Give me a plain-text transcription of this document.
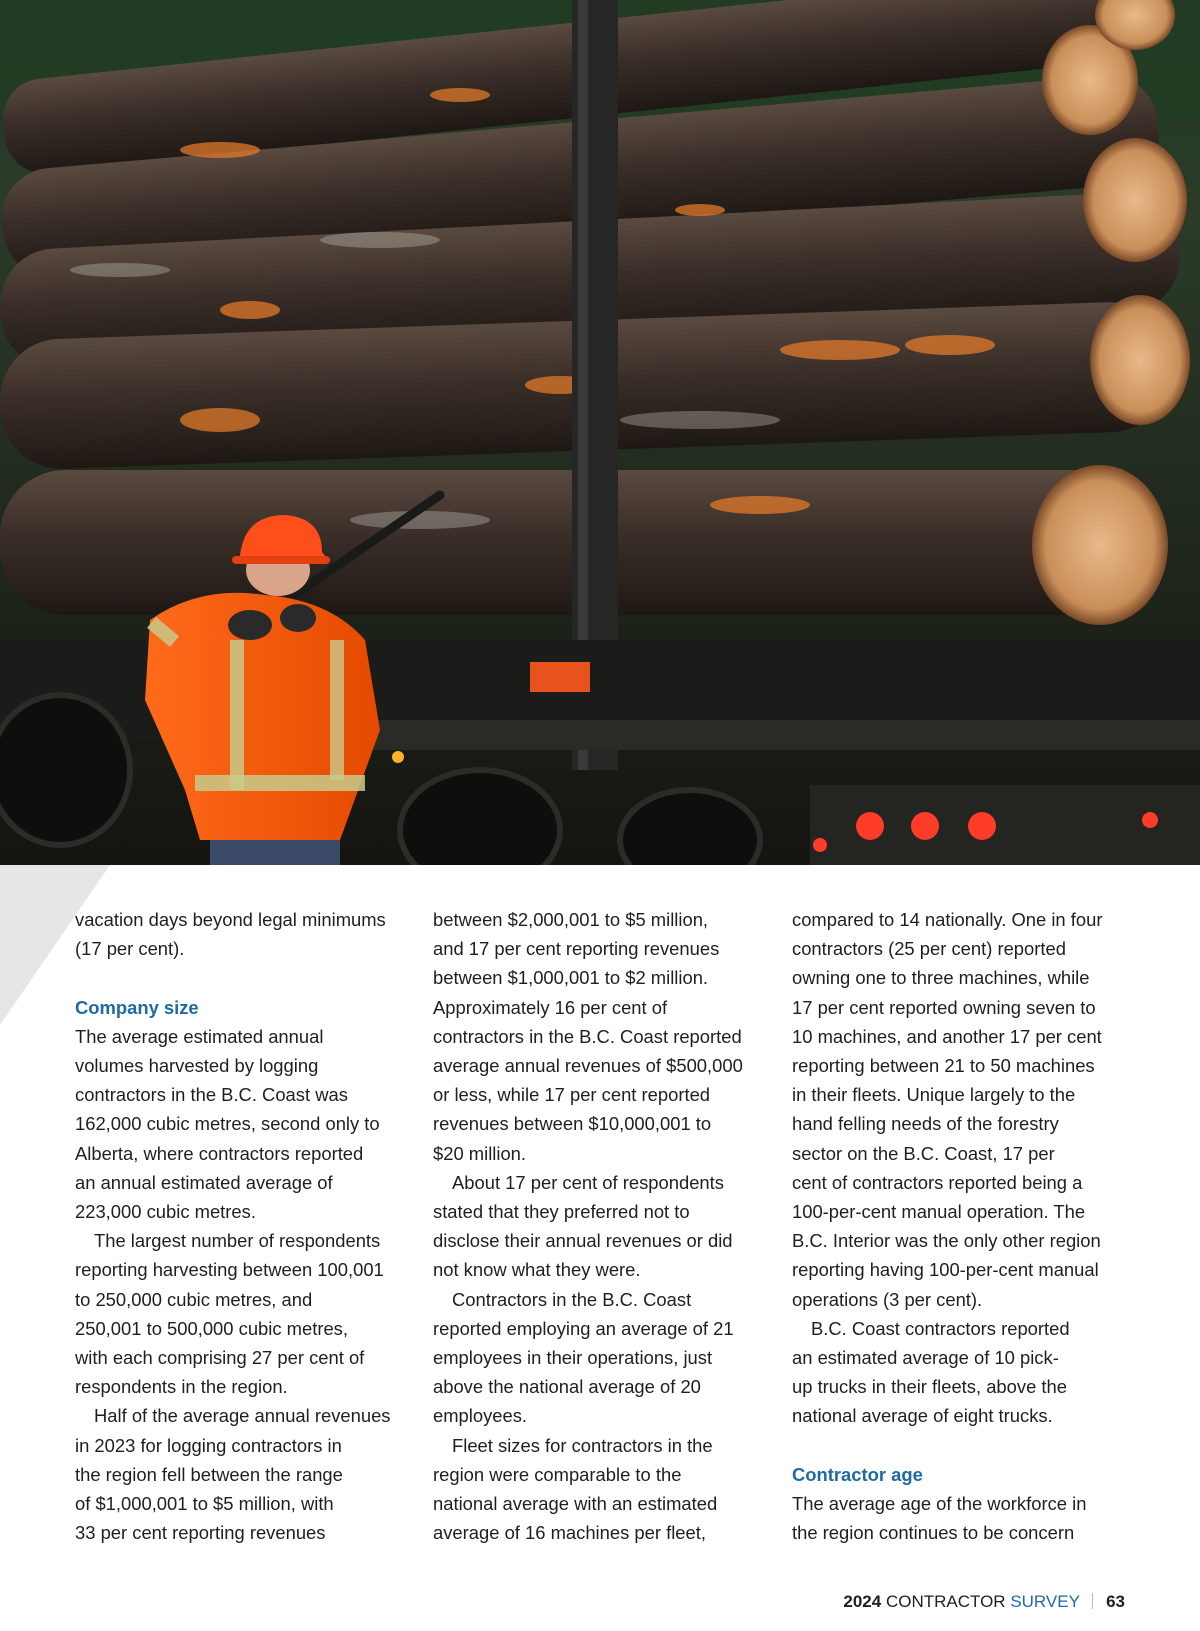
vacation days beyond legal minimums
(17 per cent).

Company size

The average estimated annual
volumes harvested by logging
contractors in the B.C. Coast was
162,000 cubic metres, second only to
Alberta, where contractors reported
an annual estimated average of
223,000 cubic metres.

The largest number of respondents
reporting harvesting between 100,001
to 250,000 cubic metres, and
250,001 to 500,000 cubic metres,
with each comprising 27 per cent of
respondents in the region.

Half of the average annual revenues
in 2023 for logging contractors in
the region fell between the range
of $1,000,001 to $5 million, with
33 per cent reporting revenues

between $2,000,001 to $5 million,
and 17 per cent reporting revenues
between $1,000,001 to $2 million.
Approximately 16 per cent of
contractors in the B.C. Coast reported
average annual revenues of $500,000
or less, while 17 per cent reported
revenues between $10,000,001 to
$20 million.

About 17 per cent of respondents
stated that they preferred not to
disclose their annual revenues or did
not know what they were.

Contractors in the B.C. Coast
reported employing an average of 21
employees in their operations, just
above the national average of 20
employees.

Fleet sizes for contractors in the
region were comparable to the
national average with an estimated
average of 16 machines per fleet,

compared to 14 nationally. One in four
contractors (25 per cent) reported
owning one to three machines, while
17 per cent reported owning seven to
10 machines, and another 17 per cent
reporting between 21 to 50 machines
in their fleets. Unique largely to the
hand felling needs of the forestry
sector on the B.C. Coast, 17 per
cent of contractors reported being a
100-per-cent manual operation. The
B.C. Interior was the only other region
reporting having 100-per-cent manual
operations (3 per cent).

B.C. Coast contractors reported
an estimated average of 10 pick-
up trucks in their fleets, above the
national average of eight trucks.

Contractor age

The average age of the workforce in
the region continues to be concern

2024 CONTRACTOR SURVEY 63
